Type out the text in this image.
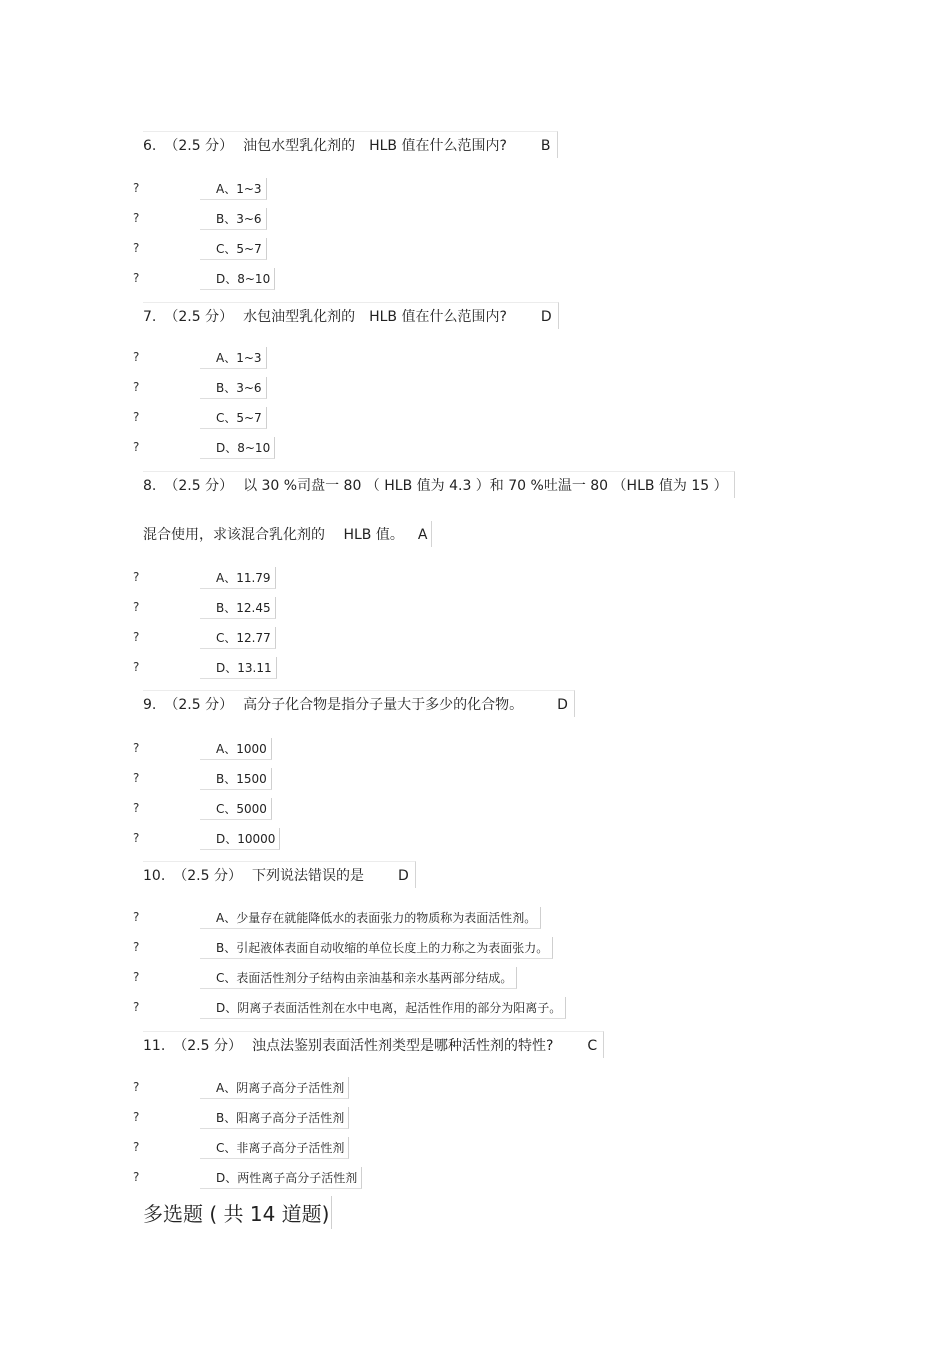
6. （2.5 分） 油包水型乳化剂的　HLB 值在什么范围内? B
?	A、1~3
?	B、3~6
?	C、5~7
?	D、8~10
7. （2.5 分） 水包油型乳化剂的　HLB 值在什么范围内? D
?	A、1~3
?	B、3~6
?	C、5~7
?	D、8~10
8. （2.5 分） 以 30 %司盘一 80 （ HLB 值为 4.3 ）和 70 %吐温一 80 （HLB 值为 15 ）
混合使用，求该混合乳化剂的　 HLB 值。 A
?	A、11.79
?	B、12.45
?	C、12.77
?	D、13.11
9. （2.5 分） 高分子化合物是指分子量大于多少的化合物。 D
?	A、1000
?	B、1500
?	C、5000
?	D、10000
10. （2.5 分） 下列说法错误的是 D
?	A、少量存在就能降低水的表面张力的物质称为表面活性剂。
?	B、引起液体表面自动收缩的单位长度上的力称之为表面张力。
?	C、表面活性剂分子结构由亲油基和亲水基两部分结成。
?	D、阴离子表面活性剂在水中电离，起活性作用的部分为阳离子。
11. （2.5 分） 浊点法鉴别表面活性剂类型是哪种活性剂的特性? C
?	A、阴离子高分子活性剂
?	B、阳离子高分子活性剂
?	C、非离子高分子活性剂
?	D、两性离子高分子活性剂
多选题 ( 共 14 道题)
